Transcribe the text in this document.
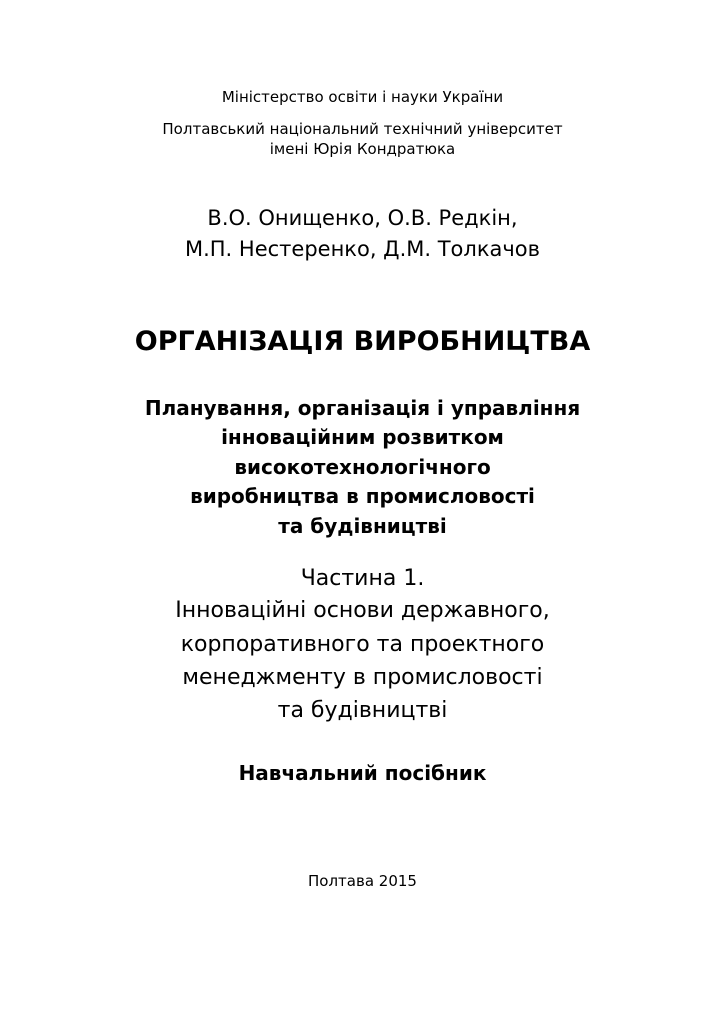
Міністерство освіти і науки України
Полтавський національний технічний університет
імені Юрія Кондратюка
В.О. Онищенко, О.В. Редкін,
М.П. Нестеренко, Д.М. Толкачов
ОРГАНІЗАЦІЯ ВИРОБНИЦТВА
Планування, організація і управління
інноваційним розвитком
високотехнологічного
виробництва в промисловості
та будівництві
Частина 1.
Інноваційні основи державного,
корпоративного та проектного
менеджменту в промисловості
та будівництві
Навчальний посібник
Полтава 2015
